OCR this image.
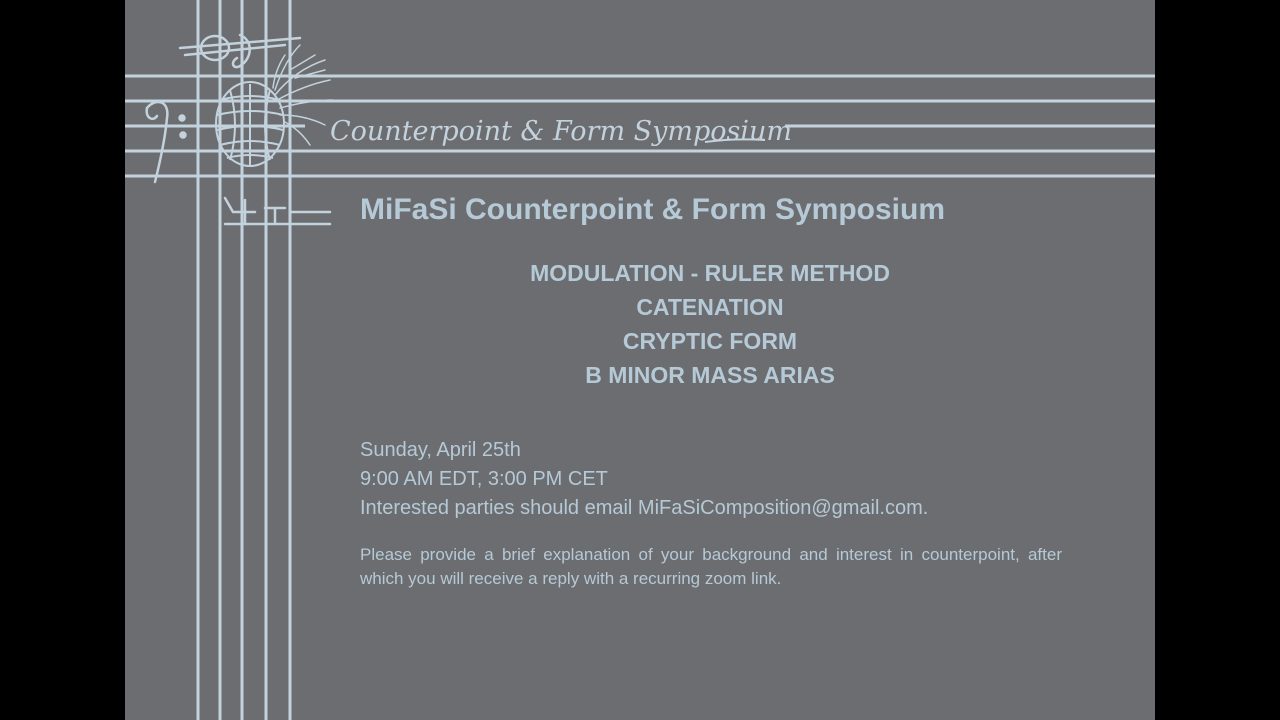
Counterpoint & Form Symposium
MiFaSi Counterpoint & Form Symposium
MODULATION - RULER METHOD
CATENATION
CRYPTIC FORM
B MINOR MASS ARIAS
Sunday, April 25th
9:00 AM EDT, 3:00 PM CET
Interested parties should email MiFaSiComposition@gmail.com.
Please provide a brief explanation of your background and interest in counterpoint, after which you will receive a reply with a recurring zoom link.
